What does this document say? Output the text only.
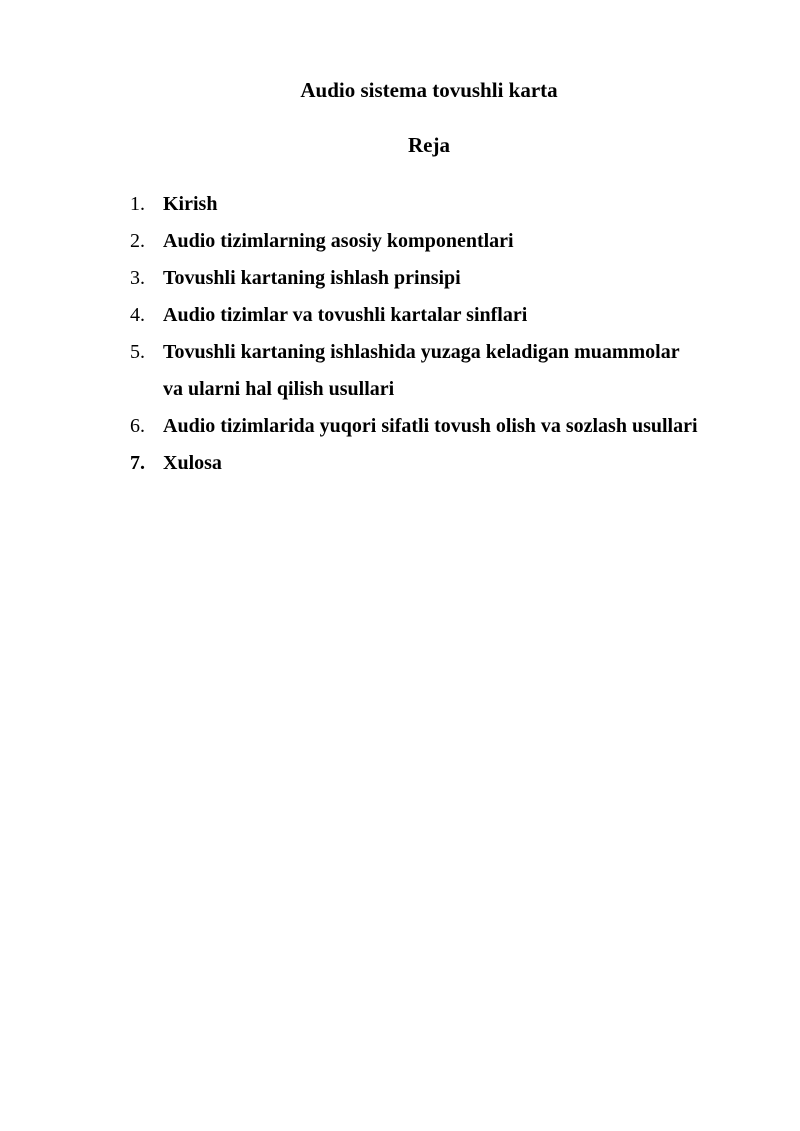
Audio sistema tovushli karta
Reja
1. Kirish
2. Audio tizimlarning asosiy komponentlari
3. Tovushli kartaning ishlash prinsipi
4. Audio tizimlar va tovushli kartalar sinflari
5. Tovushli kartaning ishlashida yuzaga keladigan muammolar
va ularni hal qilish usullari
6. Audio tizimlarida yuqori sifatli tovush olish va sozlash usullari
7. Xulosa
